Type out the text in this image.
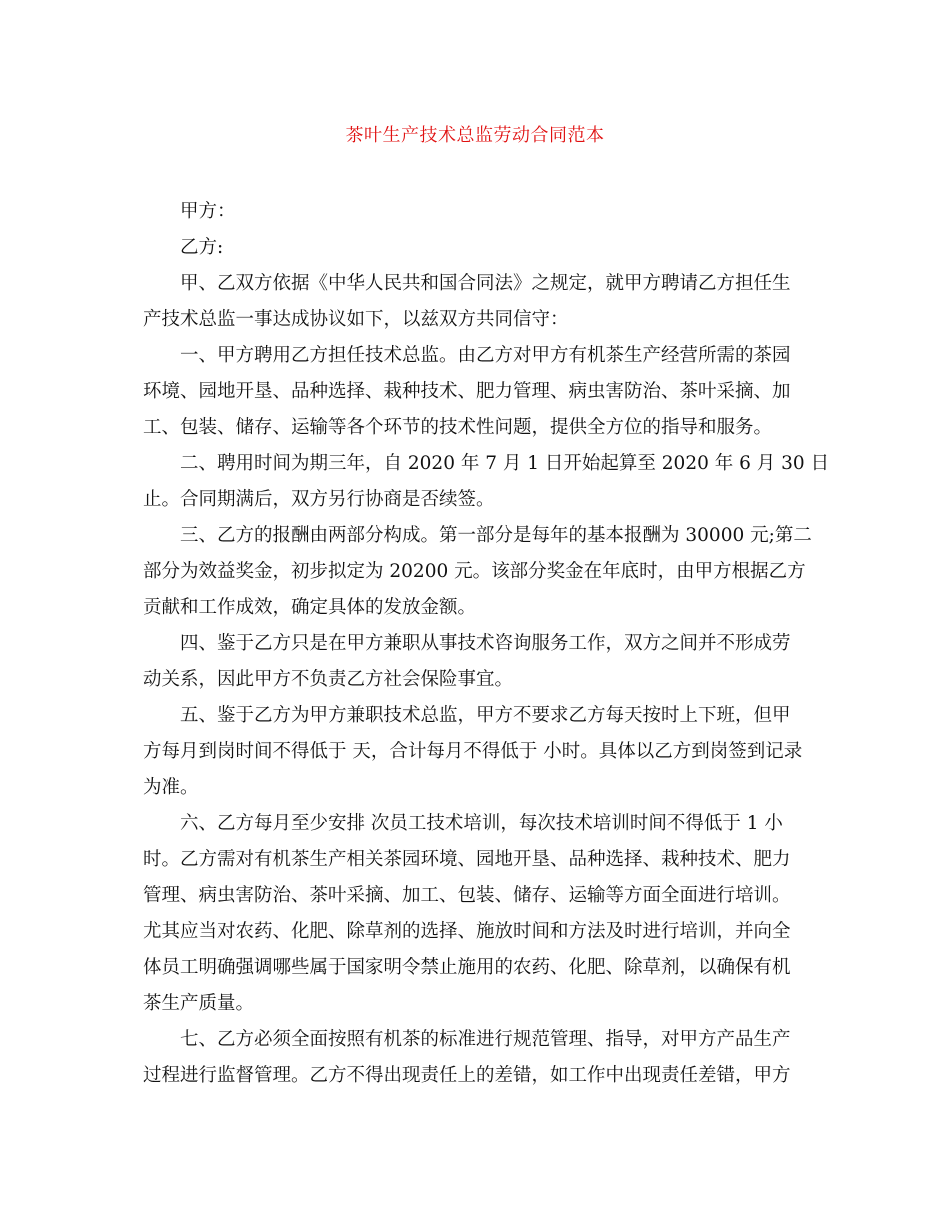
茶叶生产技术总监劳动合同范本
甲方：
乙方:
甲、乙双方依据《中华人民共和国合同法》之规定，就甲方聘请乙方担任生
产技术总监一事达成协议如下，以兹双方共同信守：
一、甲方聘用乙方担任技术总监。由乙方对甲方有机茶生产经营所需的茶园
环境、园地开垦、品种选择、栽种技术、肥力管理、病虫害防治、茶叶采摘、加
工、包装、储存、运输等各个环节的技术性问题，提供全方位的指导和服务。
二、聘用时间为期三年，自 2020 年 7 月 1 日开始起算至 2020 年 6 月 30 日
止。合同期满后，双方另行协商是否续签。
三、乙方的报酬由两部分构成。第一部分是每年的基本报酬为 30000 元;第二
部分为效益奖金，初步拟定为 20200 元。该部分奖金在年底时，由甲方根据乙方
贡献和工作成效，确定具体的发放金额。
四、鉴于乙方只是在甲方兼职从事技术咨询服务工作，双方之间并不形成劳
动关系，因此甲方不负责乙方社会保险事宜。
五、鉴于乙方为甲方兼职技术总监，甲方不要求乙方每天按时上下班，但甲
方每月到岗时间不得低于 天，合计每月不得低于 小时。具体以乙方到岗签到记录
为准。
六、乙方每月至少安排 次员工技术培训，每次技术培训时间不得低于 1 小
时。乙方需对有机茶生产相关茶园环境、园地开垦、品种选择、栽种技术、肥力
管理、病虫害防治、茶叶采摘、加工、包装、储存、运输等方面全面进行培训。
尤其应当对农药、化肥、除草剂的选择、施放时间和方法及时进行培训，并向全
体员工明确强调哪些属于国家明令禁止施用的农药、化肥、除草剂，以确保有机
茶生产质量。
七、乙方必须全面按照有机茶的标准进行规范管理、指导，对甲方产品生产
过程进行监督管理。乙方不得出现责任上的差错，如工作中出现责任差错，甲方
